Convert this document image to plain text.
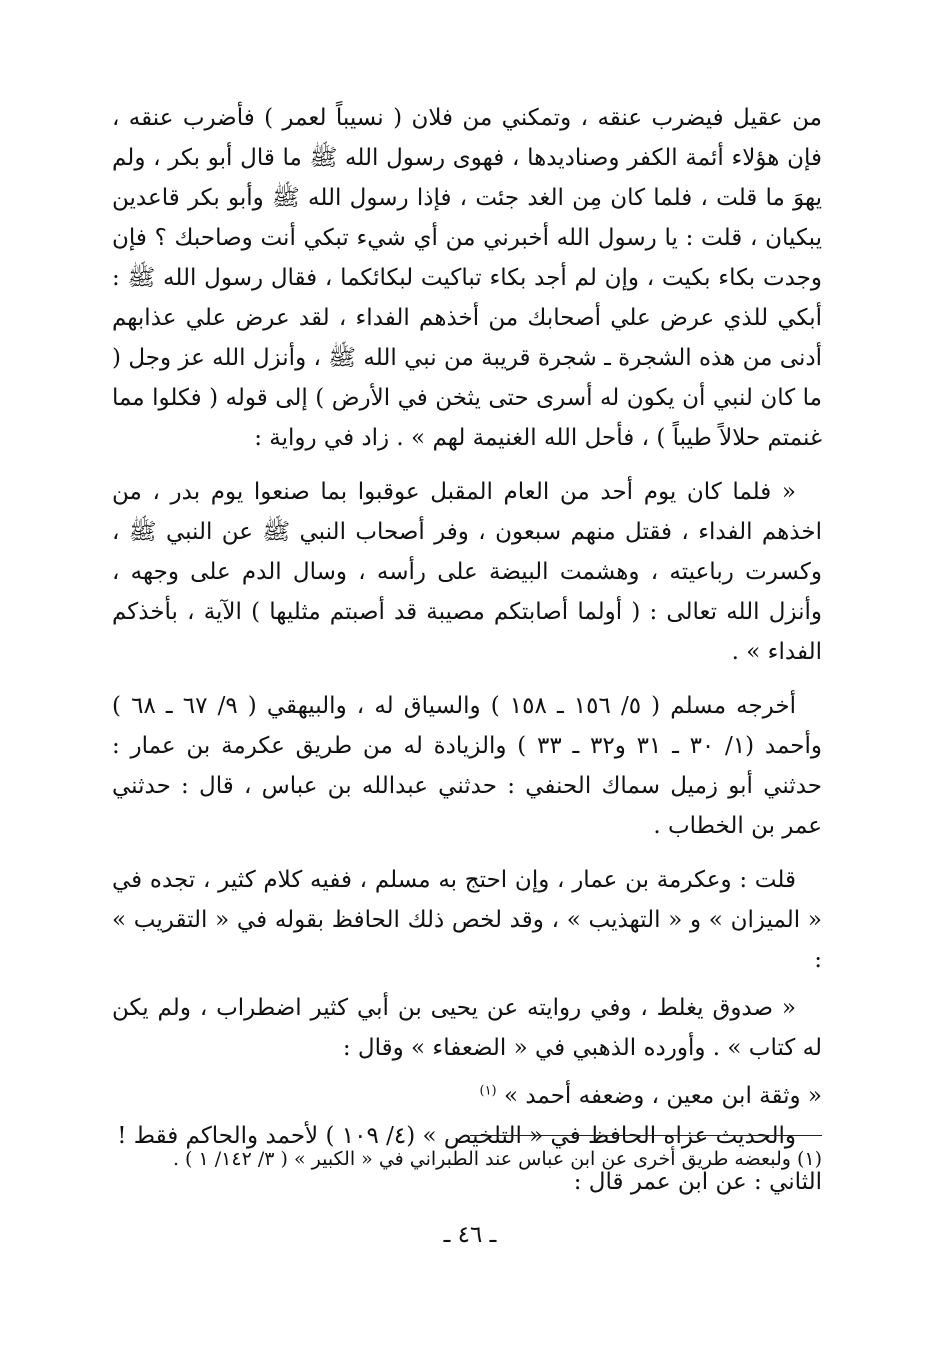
من عقيل فيضرب عنقه ، وتمكني من فلان ( نسيباً لعمر ) فأضرب عنقه ، فإن هؤلاء أئمة الكفر وصناديدها ، فهوى رسول الله ﷺ ما قال أبو بكر ، ولم يهوَ ما قلت ، فلما كان مِن الغد جئت ، فإذا رسول الله ﷺ وأبو بكر قاعدين يبكيان ، قلت : يا رسول الله أخبرني من أي شيء تبكي أنت وصاحبك ؟ فإن وجدت بكاء بكيت ، وإن لم أجد بكاء تباكيت لبكائكما ، فقال رسول الله ﷺ : أبكي للذي عرض علي أصحابك من أخذهم الفداء ، لقد عرض علي عذابهم أدنى من هذه الشجرة ـ شجرة قريبة من نبي الله ﷺ ، وأنزل الله عز وجل ( ما كان لنبي أن يكون له أسرى حتى يثخن في الأرض ) إلى قوله ( فكلوا مما غنمتم حلالاً طيباً ) ، فأحل الله الغنيمة لهم » . زاد في رواية :

« فلما كان يوم أحد من العام المقبل عوقبوا بما صنعوا يوم بدر ، من اخذهم الفداء ، فقتل منهم سبعون ، وفر أصحاب النبي ﷺ عن النبي ﷺ ، وكسرت رباعيته ، وهشمت البيضة على رأسه ، وسال الدم على وجهه ، وأنزل الله تعالى : ( أولما أصابتكم مصيبة قد أصبتم مثليها ) الآية ، بأخذكم الفداء » .

أخرجه مسلم ( ٥/ ١٥٦ ـ ١٥٨ ) والسياق له ، والبيهقي ( ٩/ ٦٧ ـ ٦٨ ) وأحمد (١/ ٣٠ ـ ٣١ و٣٢ ـ ٣٣ ) والزيادة له من طريق عكرمة بن عمار : حدثني أبو زميل سماك الحنفي : حدثني عبدالله بن عباس ، قال : حدثني عمر بن الخطاب .

قلت : وعكرمة بن عمار ، وإن احتج به مسلم ، ففيه كلام كثير ، تجده في « الميزان » و « التهذيب » ، وقد لخص ذلك الحافظ بقوله في « التقريب » :

« صدوق يغلط ، وفي روايته عن يحيى بن أبي كثير اضطراب ، ولم يكن له كتاب » . وأورده الذهبي في « الضعفاء » وقال :

« وثقة ابن معين ، وضعفه أحمد » $^{(١)}$

والحديث عزاه الحافظ في « التلخيص » (٤/ ١٠٩ ) لأحمد والحاكم فقط !

الثاني : عن ابن عمر قال :

(١) ولبعضه طريق أخرى عن ابن عباس عند الطبراني في « الكبير » ( ٣/ ١٤٢/ ١ ) .
ـ ٤٦ ـ
